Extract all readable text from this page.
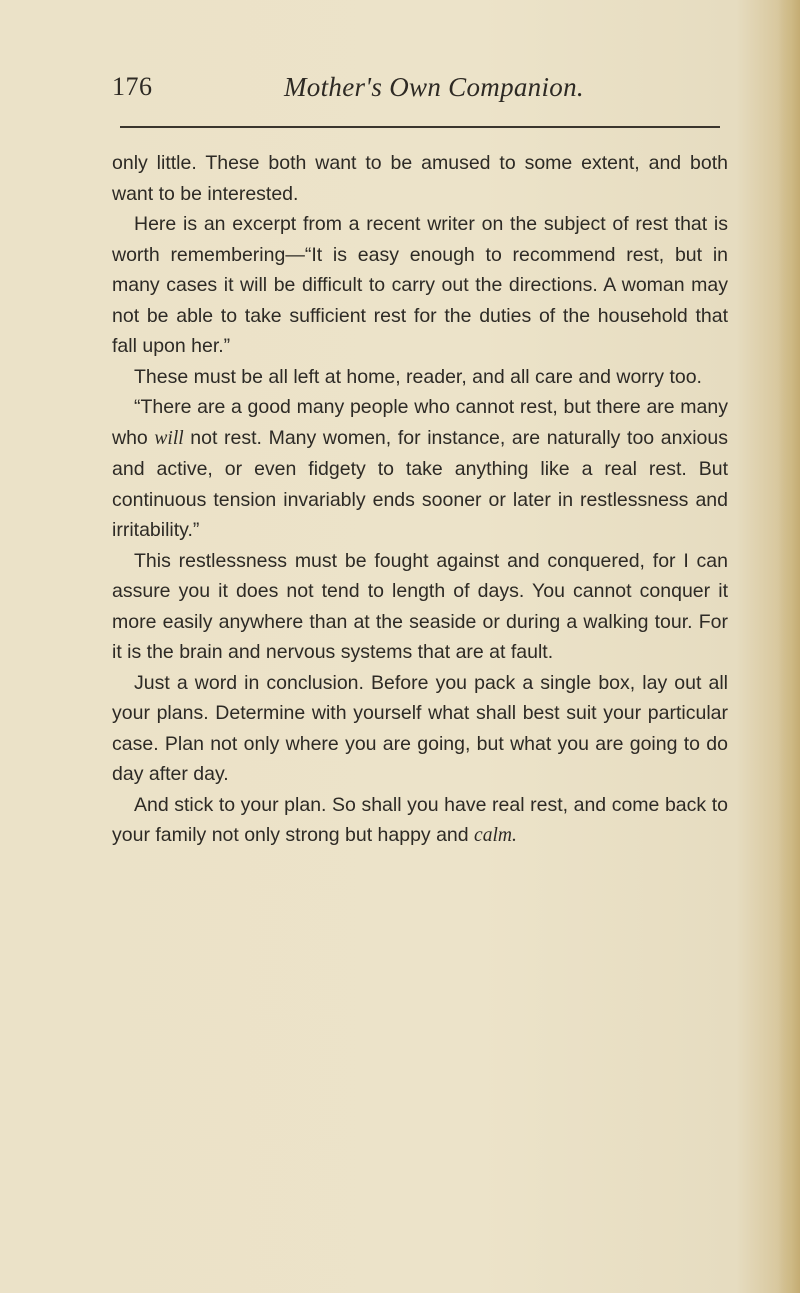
176	Mother's Own Companion.

only little. These both want to be amused to some extent, and both want to be interested.

Here is an excerpt from a recent writer on the subject of rest that is worth remembering—“It is easy enough to recommend rest, but in many cases it will be difficult to carry out the directions. A woman may not be able to take sufficient rest for the duties of the household that fall upon her.”

These must be all left at home, reader, and all care and worry too.

“There are a good many people who cannot rest, but there are many who will not rest. Many women, for instance, are naturally too anxious and active, or even fidgety to take anything like a real rest. But continuous tension invariably ends sooner or later in restlessness and irritability.”

This restlessness must be fought against and conquered, for I can assure you it does not tend to length of days. You cannot conquer it more easily anywhere than at the seaside or during a walking tour. For it is the brain and nervous systems that are at fault.

Just a word in conclusion. Before you pack a single box, lay out all your plans. Determine with yourself what shall best suit your particular case. Plan not only where you are going, but what you are going to do day after day.

And stick to your plan. So shall you have real rest, and come back to your family not only strong but happy and calm.
